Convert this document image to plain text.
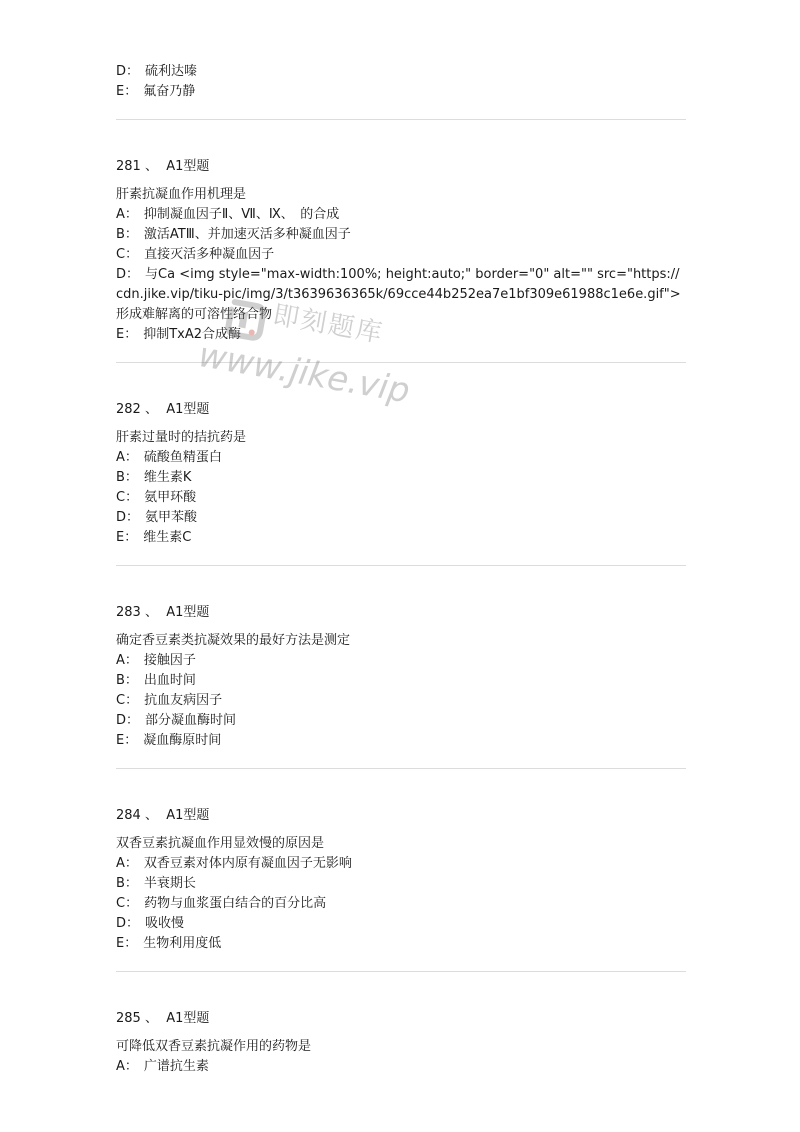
D： 硫利达嗪

E： 氟奋乃静

281 、 A1型题

肝素抗凝血作用机理是

A： 抑制凝血因子Ⅱ、Ⅶ、Ⅸ、　的合成

B： 激活ATⅢ、并加速灭活多种凝血因子

C： 直接灭活多种凝血因子

D： 与Ca <img style="max-width:100%; height:auto;" border="0" alt="" src="https://cdn.jike.vip/tiku-pic/img/3/t3639636365k/69cce44b252ea7e1bf309e61988c1e6e.gif"> 形成难解离的可溶性络合物

E： 抑制TxA2合成酶

282 、 A1型题

肝素过量时的拮抗药是

A： 硫酸鱼精蛋白

B： 维生素K

C： 氨甲环酸

D： 氨甲苯酸

E： 维生素C

283 、 A1型题

确定香豆素类抗凝效果的最好方法是测定

A： 接触因子

B： 出血时间

C： 抗血友病因子

D： 部分凝血酶时间

E： 凝血酶原时间

284 、 A1型题

双香豆素抗凝血作用显效慢的原因是

A： 双香豆素对体内原有凝血因子无影响

B： 半衰期长

C： 药物与血浆蛋白结合的百分比高

D： 吸收慢

E： 生物利用度低

285 、 A1型题

可降低双香豆素抗凝作用的药物是

A： 广谱抗生素

即刻题库
www.jike.vip
